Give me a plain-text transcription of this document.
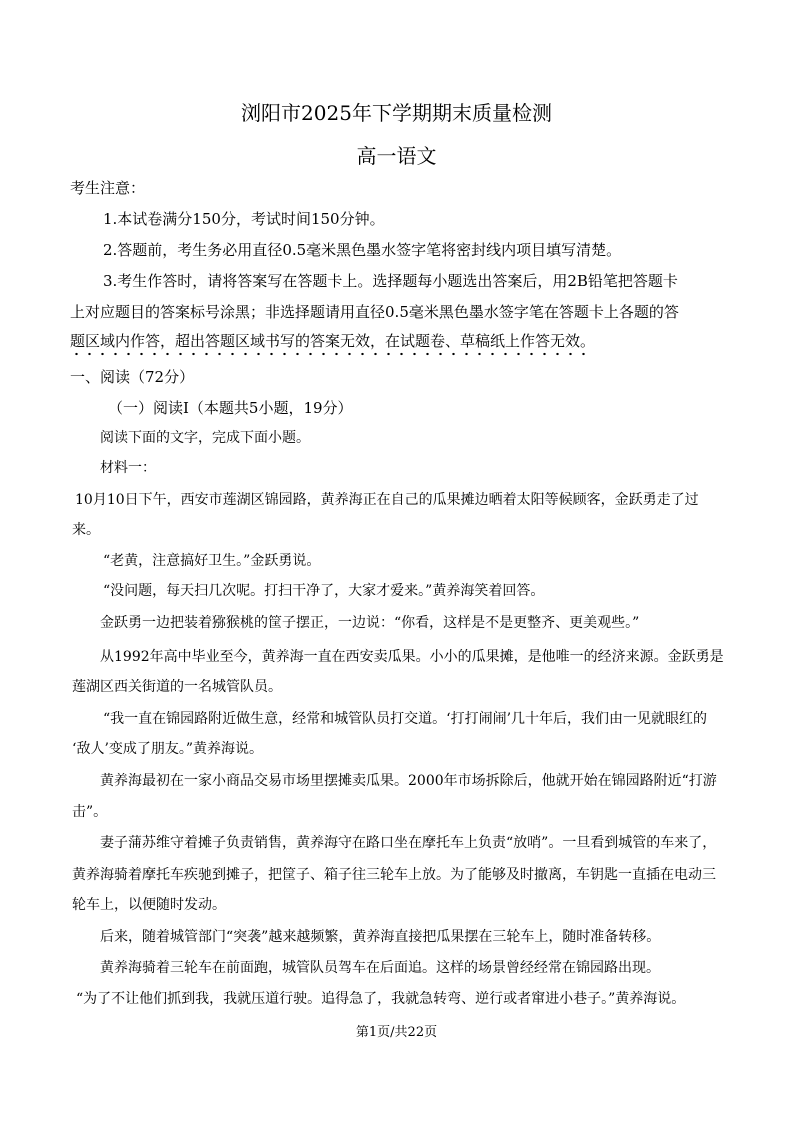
浏阳市2025年下学期期末质量检测
高一语文
考生注意：
1.本试卷满分150分，考试时间150分钟。
2.答题前，考生务必用直径0.5毫米黑色墨水签字笔将密封线内项目填写清楚。
3.考生作答时，请将答案写在答题卡上。选择题每小题选出答案后，用2B铅笔把答题卡
上对应题目的答案标号涂黑；非选择题请用直径0.5毫米黑色墨水签字笔在答题卡上各题的答
题区域内作答，超出答题区域书写的答案无效，在试题卷、草稿纸上作答无效。
一、阅读（72分）
（一）阅读I（本题共5小题，19分）
阅读下面的文字，完成下面小题。
材料一：
10月10日下午，西安市莲湖区锦园路，黄养海正在自己的瓜果摊边晒着太阳等候顾客，金跃勇走了过
来。
“老黄，注意搞好卫生。”金跃勇说。
“没问题，每天扫几次呢。打扫干净了，大家才爱来。”黄养海笑着回答。
金跃勇一边把装着猕猴桃的筐子摆正，一边说：“你看，这样是不是更整齐、更美观些。”
从1992年高中毕业至今，黄养海一直在西安卖瓜果。小小的瓜果摊，是他唯一的经济来源。金跃勇是
莲湖区西关街道的一名城管队员。
“我一直在锦园路附近做生意，经常和城管队员打交道。‘打打闹闹’几十年后，我们由一见就眼红的
‘敌人’变成了朋友。”黄养海说。
黄养海最初在一家小商品交易市场里摆摊卖瓜果。2000年市场拆除后，他就开始在锦园路附近“打游
击”。
妻子蒲苏维守着摊子负责销售，黄养海守在路口坐在摩托车上负责“放哨”。一旦看到城管的车来了，
黄养海骑着摩托车疾驰到摊子，把筐子、箱子往三轮车上放。为了能够及时撤离，车钥匙一直插在电动三
轮车上，以便随时发动。
后来，随着城管部门“突袭”越来越频繁，黄养海直接把瓜果摆在三轮车上，随时准备转移。
黄养海骑着三轮车在前面跑，城管队员驾车在后面追。这样的场景曾经经常在锦园路出现。
“为了不让他们抓到我，我就压道行驶。追得急了，我就急转弯、逆行或者窜进小巷子。”黄养海说。
第1页/共22页
